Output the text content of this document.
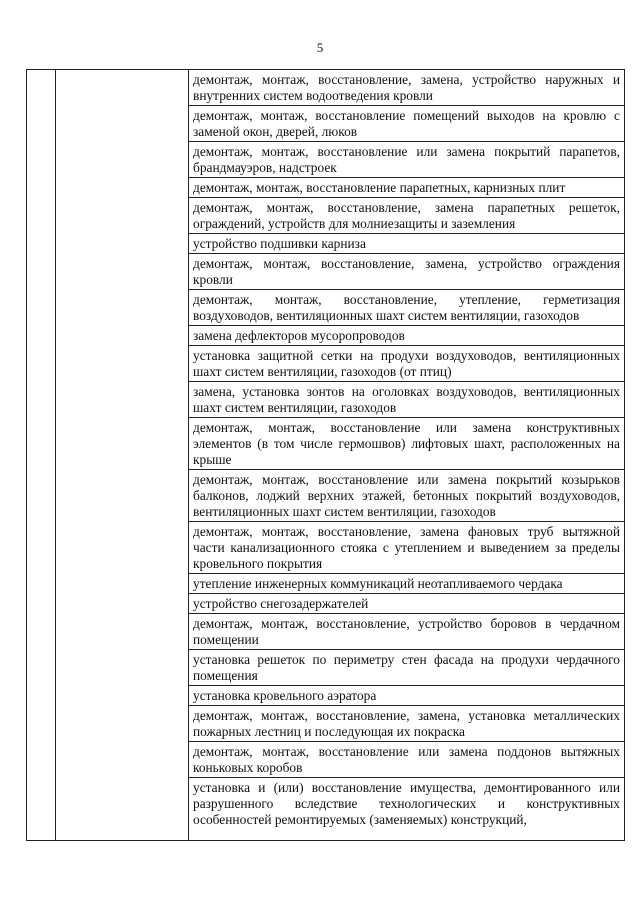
5

демонтаж, монтаж, восстановление, замена, устройство наружных и внутренних систем водоотведения кровли
демонтаж, монтаж, восстановление помещений выходов на кровлю с заменой окон, дверей, люков
демонтаж, монтаж, восстановление или замена покрытий парапетов, брандмауэров, надстроек
демонтаж, монтаж, восстановление парапетных, карнизных плит
демонтаж, монтаж, восстановление, замена парапетных решеток, ограждений, устройств для молниезащиты и заземления
устройство подшивки карниза
демонтаж, монтаж, восстановление, замена, устройство ограждения кровли
демонтаж, монтаж, восстановление, утепление, герметизация воздуховодов, вентиляционных шахт систем вентиляции, газоходов
замена дефлекторов мусоропроводов
установка защитной сетки на продухи воздуховодов, вентиляционных шахт систем вентиляции, газоходов (от птиц)
замена, установка зонтов на оголовках воздуховодов, вентиляционных шахт систем вентиляции, газоходов
демонтаж, монтаж, восстановление или замена конструктивных элементов (в том числе гермошвов) лифтовых шахт, расположенных на крыше
демонтаж, монтаж, восстановление или замена покрытий козырьков балконов, лоджий верхних этажей, бетонных покрытий воздуховодов, вентиляционных шахт систем вентиляции, газоходов
демонтаж, монтаж, восстановление, замена фановых труб вытяжной части канализационного стояка с утеплением и выведением за пределы кровельного покрытия
утепление инженерных коммуникаций неотапливаемого чердака
устройство снегозадержателей
демонтаж, монтаж, восстановление, устройство боровов в чердачном помещении
установка решеток по периметру стен фасада на продухи чердачного помещения
установка кровельного аэратора
демонтаж, монтаж, восстановление, замена, установка металлических пожарных лестниц и последующая их покраска
демонтаж, монтаж, восстановление или замена поддонов вытяжных коньковых коробов
установка и (или) восстановление имущества, демонтированного или разрушенного вследствие технологических и конструктивных особенностей ремонтируемых (заменяемых) конструкций,
